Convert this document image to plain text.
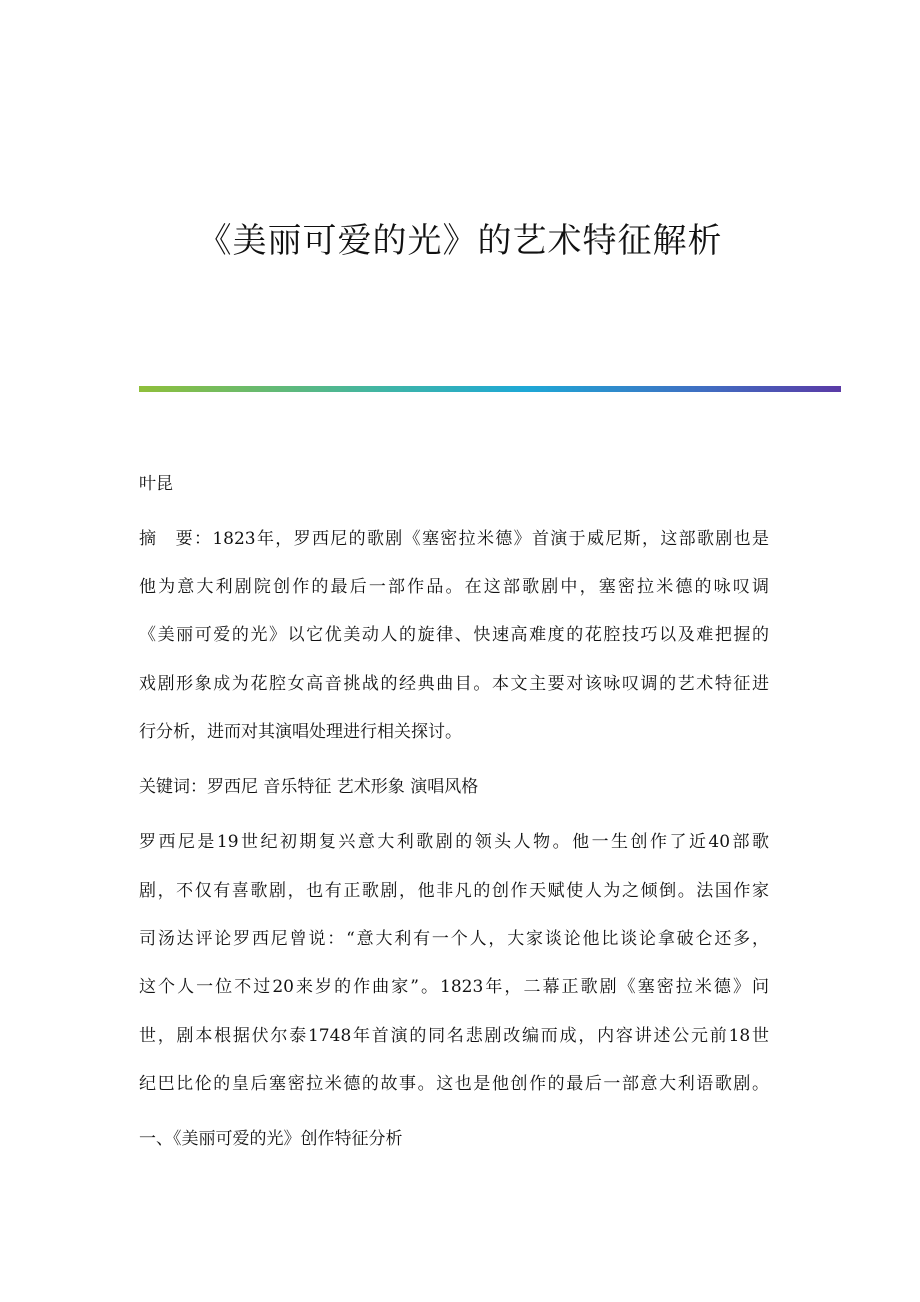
《美丽可爱的光》的艺术特征解析

叶昆

摘　要：1823年，罗西尼的歌剧《塞密拉米德》首演于威尼斯，这部歌剧也是

他为意大利剧院创作的最后一部作品。在这部歌剧中，塞密拉米德的咏叹调

《美丽可爱的光》以它优美动人的旋律、快速高难度的花腔技巧以及难把握的

戏剧形象成为花腔女高音挑战的经典曲目。本文主要对该咏叹调的艺术特征进

行分析，进而对其演唱处理进行相关探讨。

关键词：罗西尼 音乐特征 艺术形象 演唱风格

罗西尼是19世纪初期复兴意大利歌剧的领头人物。他一生创作了近40部歌

剧，不仅有喜歌剧，也有正歌剧，他非凡的创作天赋使人为之倾倒。法国作家

司汤达评论罗西尼曾说：“意大利有一个人，大家谈论他比谈论拿破仑还多，

这个人一位不过20来岁的作曲家”。1823年，二幕正歌剧《塞密拉米德》问

世，剧本根据伏尔泰1748年首演的同名悲剧改编而成，内容讲述公元前18世

纪巴比伦的皇后塞密拉米德的故事。这也是他创作的最后一部意大利语歌剧。

一、《美丽可爱的光》创作特征分析
